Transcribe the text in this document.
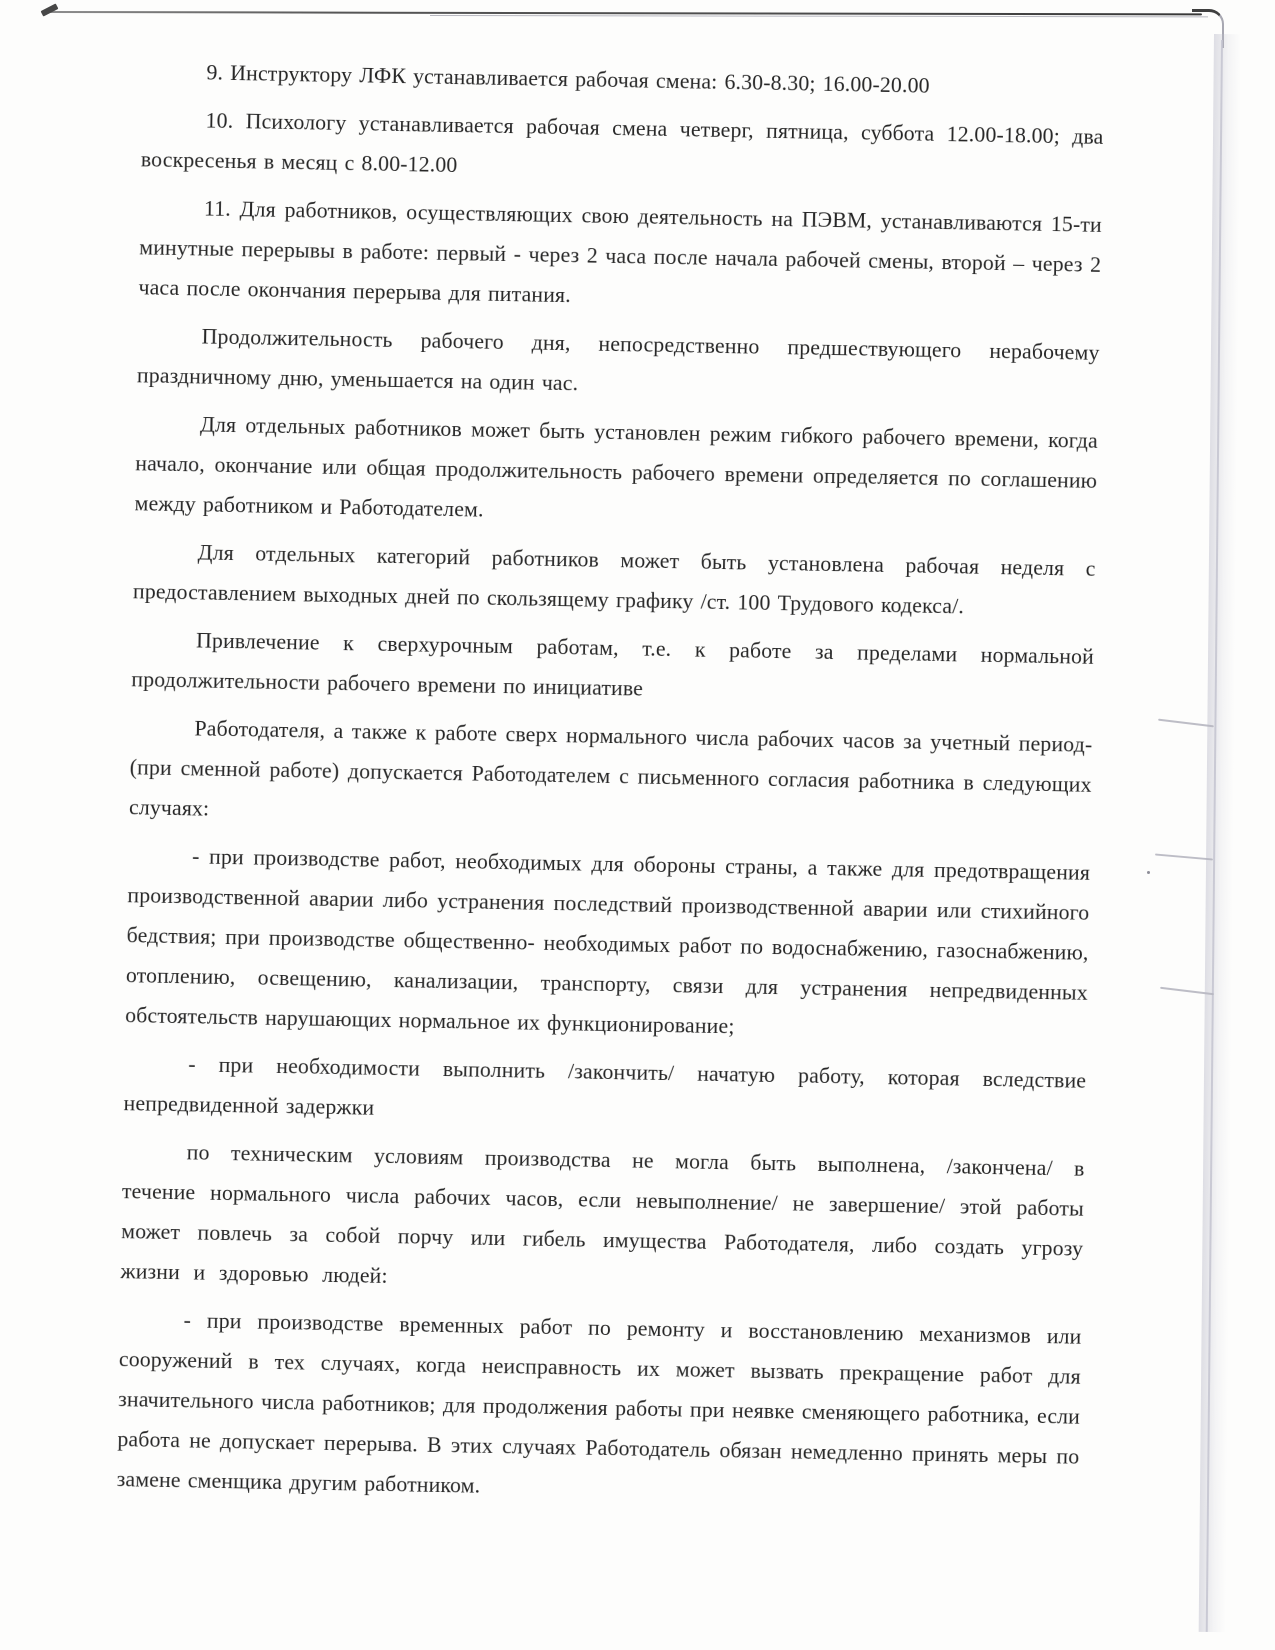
9. Инструктору ЛФК устанавливается рабочая смена: 6.30-8.30; 16.00-20.00

10. Психологу устанавливается рабочая смена четверг, пятница, суббота 12.00-18.00; два воскресенья в месяц с 8.00-12.00

11. Для работников, осуществляющих свою деятельность на ПЭВМ, устанавливаются 15-ти минутные перерывы в работе: первый - через 2 часа после начала рабочей смены, второй – через 2 часа после окончания перерыва для питания.

Продолжительность рабочего дня, непосредственно предшествующего нерабочему праздничному дню, уменьшается на один час.

Для отдельных работников может быть установлен режим гибкого рабочего времени, когда начало, окончание или общая продолжительность рабочего времени определяется по соглашению между работником и Работодателем.

Для отдельных категорий работников может быть установлена рабочая неделя с предоставлением выходных дней по скользящему графику /ст. 100 Трудового кодекса/.

Привлечение к сверхурочным работам, т.е. к работе за пределами нормальной продолжительности рабочего времени по инициативе

Работодателя, а также к работе сверх нормального числа рабочих часов за учетный период- (при сменной работе) допускается Работодателем с письменного согласия работника в следующих случаях:

- при производстве работ, необходимых для обороны страны, а также для предотвращения производственной аварии либо устранения последствий производственной аварии или стихийного бедствия; при производстве общественно- необходимых работ по водоснабжению, газоснабжению, отоплению, освещению, канализации, транспорту, связи для устранения непредвиденных обстоятельств нарушающих нормальное их функционирование;

- при необходимости выполнить /закончить/ начатую работу, которая вследствие непредвиденной задержки

по техническим условиям производства не могла быть выполнена, /закончена/ в течение нормального числа рабочих часов, если невыполнение/ не завершение/ этой работы может повлечь за собой порчу или гибель имущества Работодателя, либо создать угрозу жизни и здоровью людей:

- при производстве временных работ по ремонту и восстановлению механизмов или сооружений в тех случаях, когда неисправность их может вызвать прекращение работ для значительного числа работников; для продолжения работы при неявке сменяющего работника, если работа не допускает перерыва. В этих случаях Работодатель обязан немедленно принять меры по замене сменщика другим работником.
